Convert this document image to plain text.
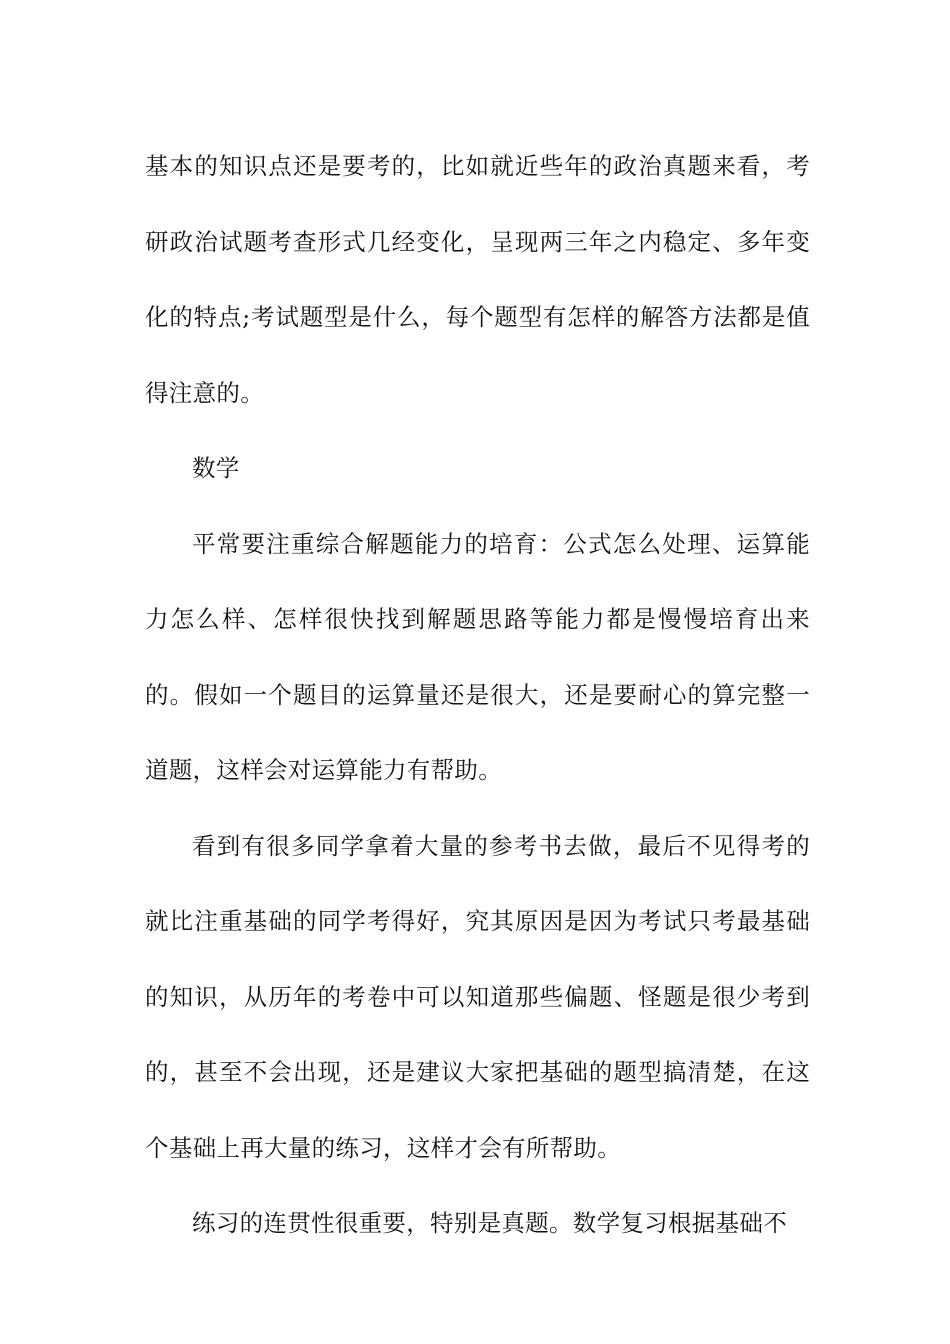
基本的知识点还是要考的，比如就近些年的政治真题来看，考研政治试题考查形式几经变化，呈现两三年之内稳定、多年变化的特点;考试题型是什么，每个题型有怎样的解答方法都是值得注意的。

数学

平常要注重综合解题能力的培育：公式怎么处理、运算能力怎么样、怎样很快找到解题思路等能力都是慢慢培育出来的。假如一个题目的运算量还是很大，还是要耐心的算完整一道题，这样会对运算能力有帮助。

看到有很多同学拿着大量的参考书去做，最后不见得考的就比注重基础的同学考得好，究其原因是因为考试只考最基础的知识，从历年的考卷中可以知道那些偏题、怪题是很少考到的，甚至不会出现，还是建议大家把基础的题型搞清楚，在这个基础上再大量的练习，这样才会有所帮助。

练习的连贯性很重要，特别是真题。数学复习根据基础不
